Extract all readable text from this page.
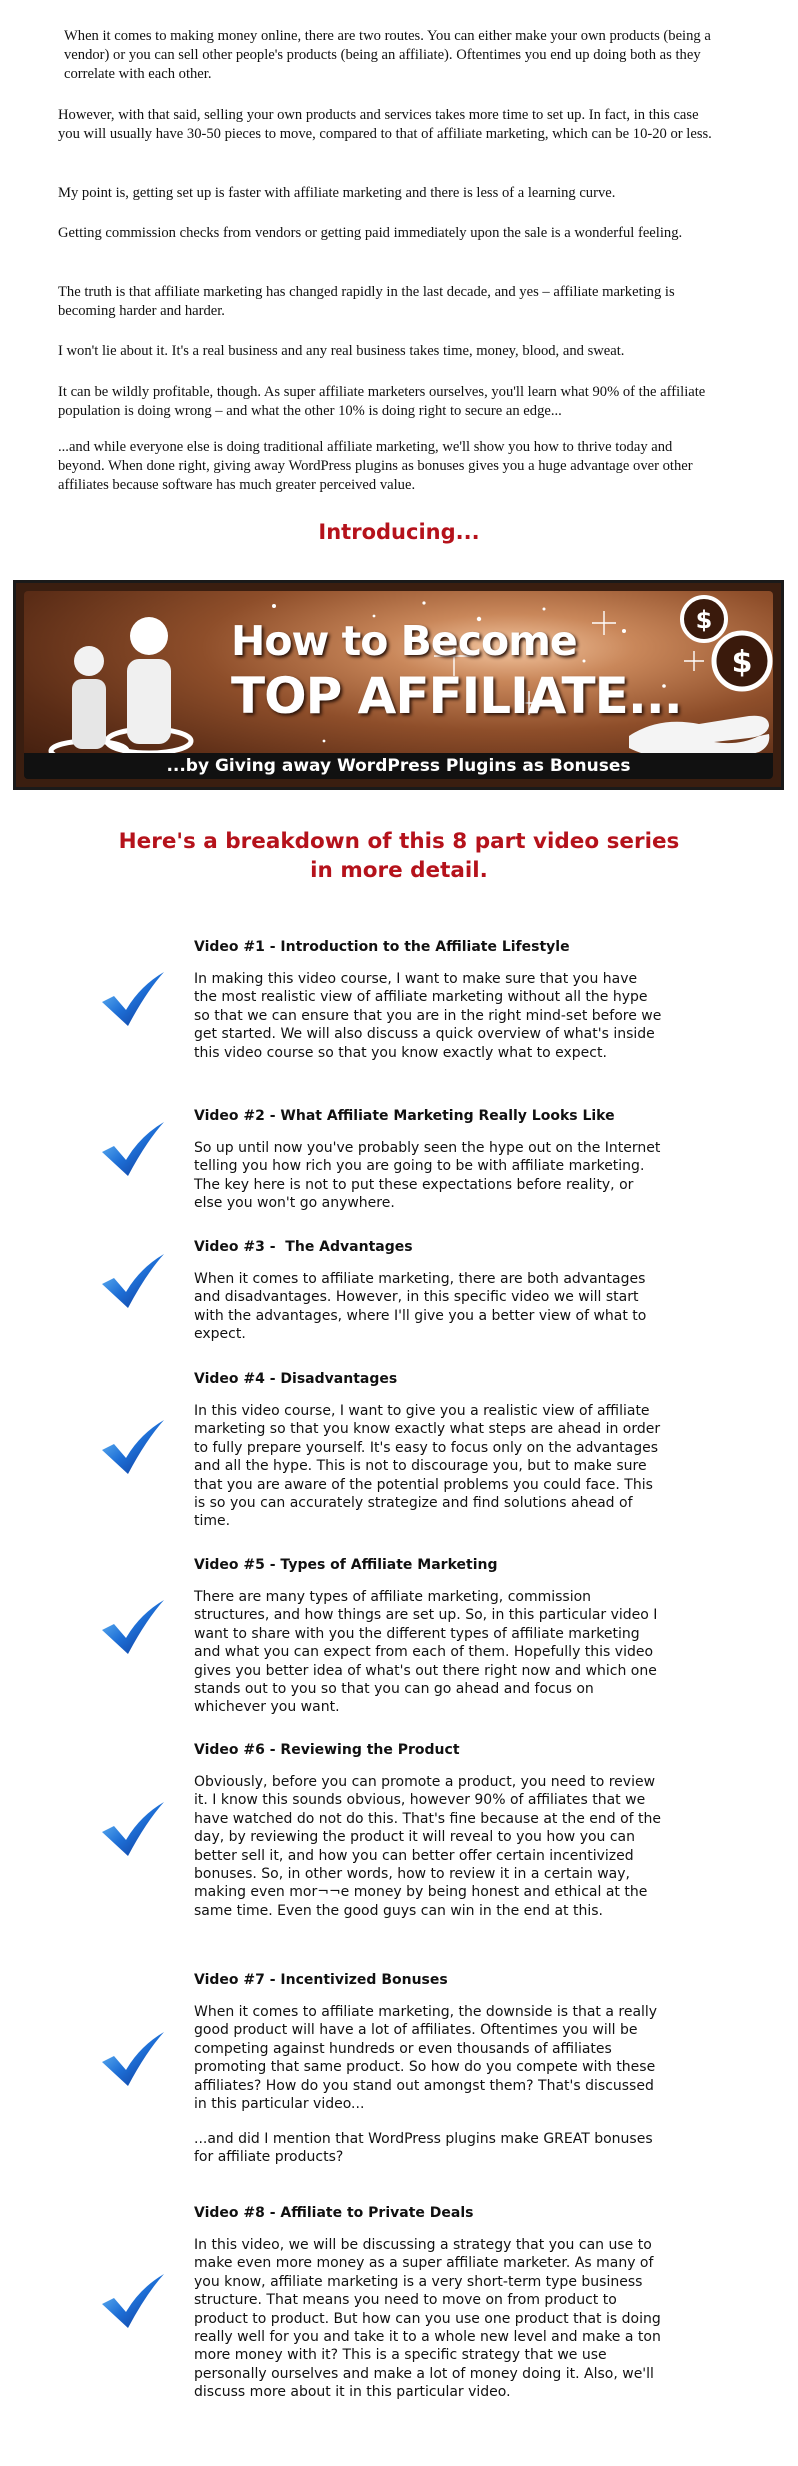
When it comes to making money online, there are two routes. You can either make your own products (being a vendor) or you can sell other people's products (being an affiliate). Oftentimes you end up doing both as they correlate with each other.

However, with that said, selling your own products and services takes more time to set up. In fact, in this case you will usually have 30-50 pieces to move, compared to that of affiliate marketing, which can be 10-20 or less.

My point is, getting set up is faster with affiliate marketing and there is less of a learning curve.

Getting commission checks from vendors or getting paid immediately upon the sale is a wonderful feeling.

The truth is that affiliate marketing has changed rapidly in the last decade, and yes – affiliate marketing is becoming harder and harder.

I won't lie about it. It's a real business and any real business takes time, money, blood, and sweat.

It can be wildly profitable, though. As super affiliate marketers ourselves, you'll learn what 90% of the affiliate population is doing wrong – and what the other 10% is doing right to secure an edge...

...and while everyone else is doing traditional affiliate marketing, we'll show you how to thrive today and beyond. When done right, giving away WordPress plugins as bonuses gives you a huge advantage over other affiliates because software has much greater perceived value.

Introducing...
$
$
How to Become
TOP AFFILIATE...
...by Giving away WordPress Plugins as Bonuses
Here's a breakdown of this 8 part video series
in more detail.

Video #1 - Introduction to the Affiliate Lifestyle

In making this video course, I want to make sure that you have the most realistic view of affiliate marketing without all the hype so that we can ensure that you are in the right mind-set before we get started. We will also discuss a quick overview of what's inside this video course so that you know exactly what to expect.

Video #2 - What Affiliate Marketing Really Looks Like

So up until now you've probably seen the hype out on the Internet telling you how rich you are going to be with affiliate marketing. The key here is not to put these expectations before reality, or else you won't go anywhere.

Video #3 -  The Advantages

When it comes to affiliate marketing, there are both advantages and disadvantages. However, in this specific video we will start with the advantages, where I'll give you a better view of what to expect.

Video #4 - Disadvantages

In this video course, I want to give you a realistic view of affiliate marketing so that you know exactly what steps are ahead in order to fully prepare yourself. It's easy to focus only on the advantages and all the hype. This is not to discourage you, but to make sure that you are aware of the potential problems you could face. This is so you can accurately strategize and find solutions ahead of time.

Video #5 - Types of Affiliate Marketing

There are many types of affiliate marketing, commission structures, and how things are set up. So, in this particular video I want to share with you the different types of affiliate marketing and what you can expect from each of them. Hopefully this video gives you better idea of what's out there right now and which one stands out to you so that you can go ahead and focus on whichever you want.

Video #6 - Reviewing the Product

Obviously, before you can promote a product, you need to review it. I know this sounds obvious, however 90% of affiliates that we have watched do not do this. That's fine because at the end of the day, by reviewing the product it will reveal to you how you can better sell it, and how you can better offer certain incentivized bonuses. So, in other words, how to review it in a certain way, making even mor¬¬e money by being honest and ethical at the same time. Even the good guys can win in the end at this.

Video #7 - Incentivized Bonuses

When it comes to affiliate marketing, the downside is that a really good product will have a lot of affiliates. Oftentimes you will be competing against hundreds or even thousands of affiliates promoting that same product. So how do you compete with these affiliates? How do you stand out amongst them? That's discussed in this particular video...

...and did I mention that WordPress plugins make GREAT bonuses for affiliate products?

Video #8 - Affiliate to Private Deals

In this video, we will be discussing a strategy that you can use to make even more money as a super affiliate marketer. As many of you know, affiliate marketing is a very short-term type business structure. That means you need to move on from product to product to product. But how can you use one product that is doing really well for you and take it to a whole new level and make a ton more money with it? This is a specific strategy that we use personally ourselves and make a lot of money doing it. Also, we'll discuss more about it in this particular video.
